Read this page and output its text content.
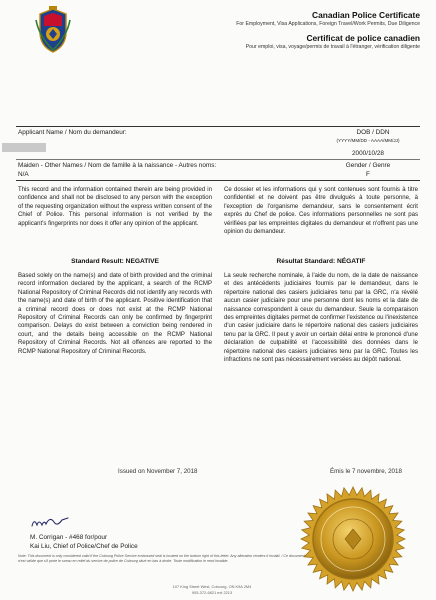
Canadian Police Certificate
For Employment, Visa Applications, Foreign Travel/Work Permits, Due Diligence
Certificat de police canadien
Pour emploi, visa, voyage/permis de travail à l'étranger, vérification diligente
Applicant Name / Nom du demandeur:	DOB / DDN
(YYYY/MM/DD - AAAA/MM/JJ)
2000/10/28
Maiden - Other Names / Nom de famille à la naissance - Autres noms:	Gender / Genre
N/A	F
This record and the information contained therein are being provided in confidence and shall not be disclosed to any person with the exception of the requesting organization without the express written consent of the Chief of Police. This personal information is not verified by the applicant's fingerprints nor does it offer any opinion of the applicant.
Ce dossier et les informations qui y sont contenues sont fournis à titre confidentiel et ne doivent pas être divulgués à toute personne, à l'exception de l'organisme demandeur, sans le consentement écrit exprès du Chef de police. Ces informations personnelles ne sont pas vérifiées par les empreintes digitales du demandeur et n'offrent pas une opinion du demandeur.
Standard Result: NEGATIVE	Résultat Standard: NÉGATIF
Based solely on the name(s) and date of birth provided and the criminal record information declared by the applicant, a search of the RCMP National Repository of Criminal Records did not identify any records with the name(s) and date of birth of the applicant. Positive identification that a criminal record does or does not exist at the RCMP National Repository of Criminal Records can only be confirmed by fingerprint comparison. Delays do exist between a conviction being rendered in court, and the details being accessible on the RCMP National Repository of Criminal Records. Not all offences are reported to the RCMP National Repository of Criminal Records.
La seule recherche nominale, à l'aide du nom, de la date de naissance et des antécédents judiciaires fournis par le demandeur, dans le répertoire national des casiers judiciaires tenu par la GRC, n'a révélé aucun casier judiciaire pour une personne dont les noms et la date de naissance correspondent à ceux du demandeur. Seule la comparaison des empreintes digitales permet de confirmer l'existence ou l'inexistence d'un casier judiciaire dans le répertoire national des casiers judiciaires tenu par la GRC. Il peut y avoir un certain délai entre le prononcé d'une déclaration de culpabilité et l'accessibilité des données dans le répertoire national des casiers judiciaires tenu par la GRC. Toutes les infractions ne sont pas nécessairement versées au dépôt national.
Issued on November 7, 2018	Émis le 7 novembre, 2018
M. Corrigan - #468 for/pour
Kai Liu, Chief of Police/Chef de Police
Note: This document is only considered valid if the Cobourg Police Service embossed seal is located on the bottom right of this letter. Any alteration renders it invalid. / Ce document n'est valide que s'il porte le sceau en relief du service de police de Cobourg situé en bas à droite. Toute modification le rend invalide.
107 King Street West, Cobourg, ON K9A 2M4
905-372-6821 ext 2213
